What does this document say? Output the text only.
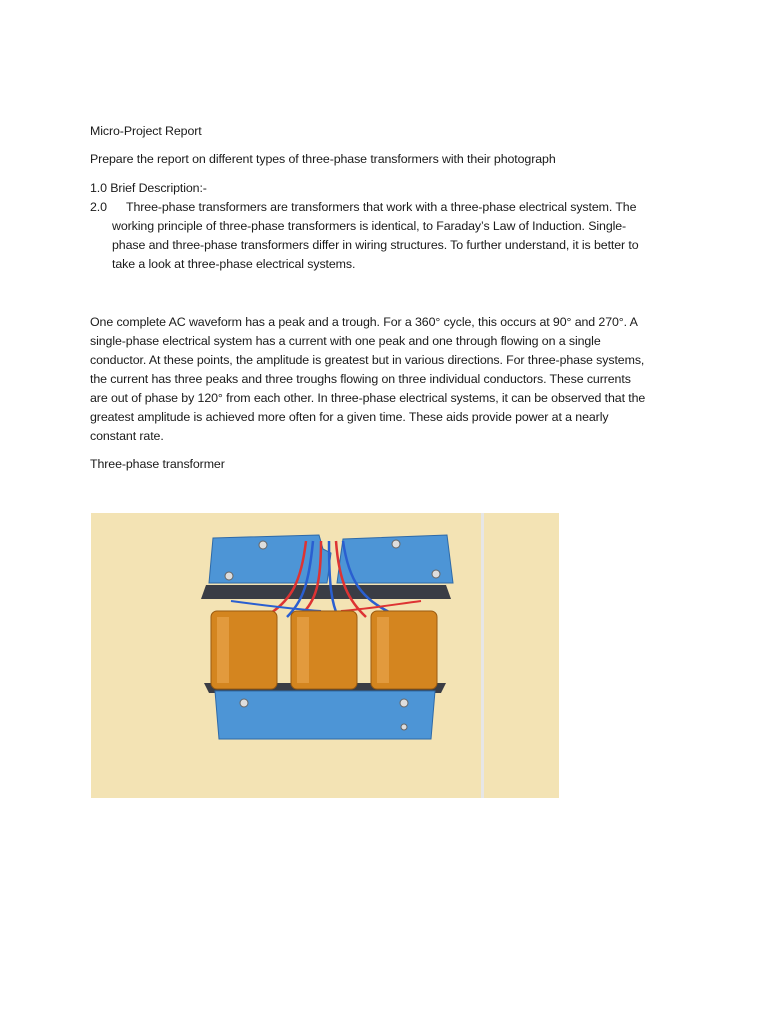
Micro-Project Report
Prepare the report on different types of three-phase transformers with their photograph
1.0 Brief Description:-
2.0	Three-phase transformers are transformers that work with a three-phase electrical system. The
working principle of three-phase transformers is identical, to Faraday’s Law of Induction. Single-
phase and three-phase transformers differ in wiring structures. To further understand, it is better to
take a look at three-phase electrical systems.
One complete AC waveform has a peak and a trough. For a 360° cycle, this occurs at 90° and 270°. A
single-phase electrical system has a current with one peak and one through flowing on a single
conductor. At these points, the amplitude is greatest but in various directions. For three-phase systems,
the current has three peaks and three troughs flowing on three individual conductors. These currents
are out of phase by 120° from each other. In three-phase electrical systems, it can be observed that the
greatest amplitude is achieved more often for a given time. These aids provide power at a nearly
constant rate.
Three-phase transformer
